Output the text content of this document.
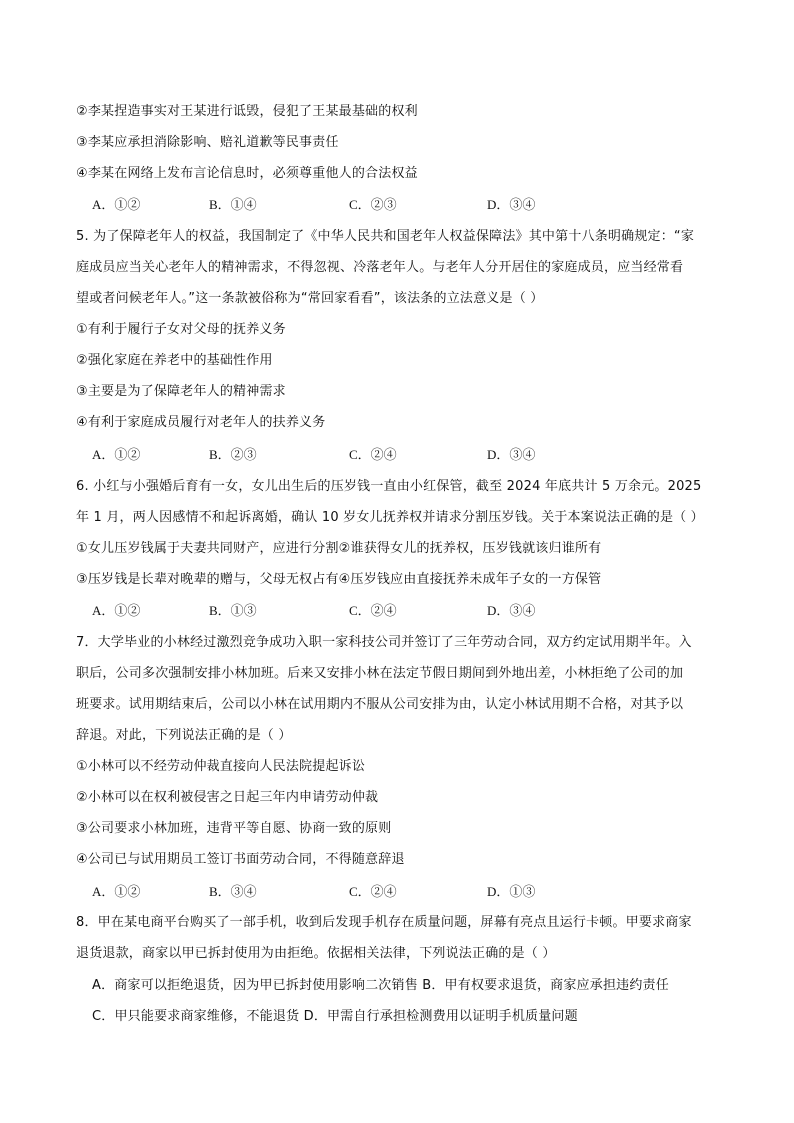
②李某捏造事实对王某进行诋毁，侵犯了王某最基础的权利
③李某应承担消除影响、赔礼道歉等民事责任
④李某在网络上发布言论信息时，必须尊重他人的合法权益
A．①②	B．①④	C．②③	D．③④
5. 为了保障老年人的权益，我国制定了《中华人民共和国老年人权益保障法》其中第十八条明确规定：“家
庭成员应当关心老年人的精神需求，不得忽视、冷落老年人。与老年人分开居住的家庭成员，应当经常看
望或者问候老年人。”这一条款被俗称为“常回家看看”，该法条的立法意义是（ ）
①有利于履行子女对父母的抚养义务
②强化家庭在养老中的基础性作用
③主要是为了保障老年人的精神需求
④有利于家庭成员履行对老年人的扶养义务
A．①②	B．②③	C．②④	D．③④
6. 小红与小强婚后育有一女，女儿出生后的压岁钱一直由小红保管，截至 2024 年底共计 5 万余元。2025
年 1 月，两人因感情不和起诉离婚，确认 10 岁女儿抚养权并请求分割压岁钱。关于本案说法正确的是（ ）
①女儿压岁钱属于夫妻共同财产，应进行分割②谁获得女儿的抚养权，压岁钱就该归谁所有
③压岁钱是长辈对晚辈的赠与，父母无权占有④压岁钱应由直接抚养未成年子女的一方保管
A．①②	B．①③	C．②④	D．③④
7．大学毕业的小林经过激烈竞争成功入职一家科技公司并签订了三年劳动合同，双方约定试用期半年。入
职后，公司多次强制安排小林加班。后来又安排小林在法定节假日期间到外地出差，小林拒绝了公司的加
班要求。试用期结束后，公司以小林在试用期内不服从公司安排为由，认定小林试用期不合格，对其予以
辞退。对此，下列说法正确的是（ ）
①小林可以不经劳动仲裁直接向人民法院提起诉讼
②小林可以在权利被侵害之日起三年内申请劳动仲裁
③公司要求小林加班，违背平等自愿、协商一致的原则
④公司已与试用期员工签订书面劳动合同，不得随意辞退
A．①②	B．③④	C．②④	D．①③
8．甲在某电商平台购买了一部手机，收到后发现手机存在质量问题，屏幕有亮点且运行卡顿。甲要求商家
退货退款，商家以甲已拆封使用为由拒绝。依据相关法律，下列说法正确的是（ ）
A．商家可以拒绝退货，因为甲已拆封使用影响二次销售 B．甲有权要求退货，商家应承担违约责任
C．甲只能要求商家维修，不能退货 D．甲需自行承担检测费用以证明手机质量问题
